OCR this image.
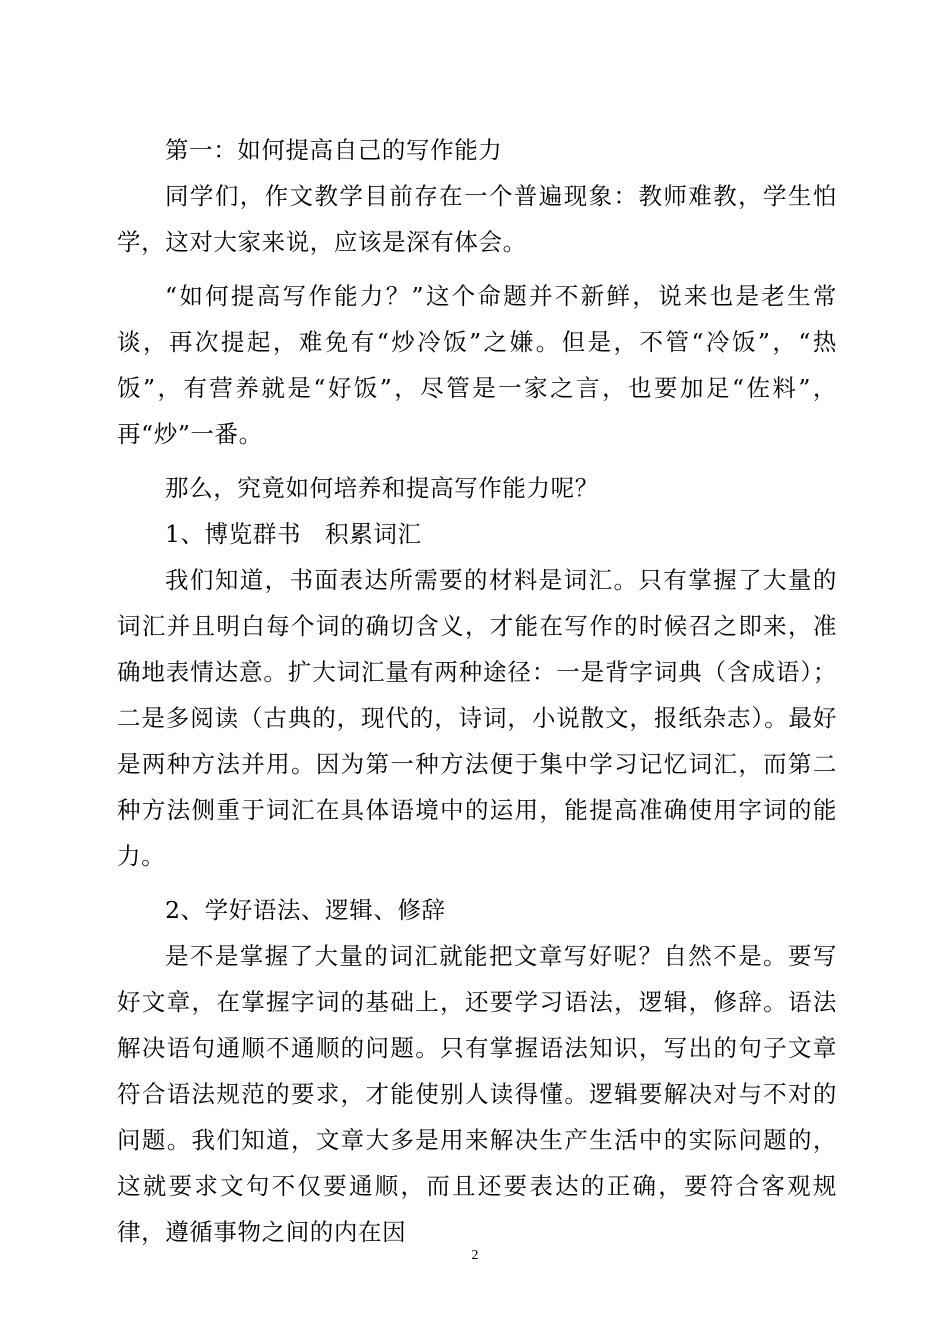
第一：如何提高自己的写作能力

同学们，作文教学目前存在一个普遍现象：教师难教，学生怕学，这对大家来说，应该是深有体会。

“如何提高写作能力？”这个命题并不新鲜，说来也是老生常谈，再次提起，难免有“炒冷饭”之嫌。但是，不管“冷饭”，“热饭”，有营养就是“好饭”，尽管是一家之言，也要加足“佐料”，再“炒”一番。

那么，究竟如何培养和提高写作能力呢？

1、博览群书　积累词汇

我们知道，书面表达所需要的材料是词汇。只有掌握了大量的词汇并且明白每个词的确切含义，才能在写作的时候召之即来，准确地表情达意。扩大词汇量有两种途径：一是背字词典（含成语）；二是多阅读（古典的，现代的，诗词，小说散文，报纸杂志）。最好是两种方法并用。因为第一种方法便于集中学习记忆词汇，而第二种方法侧重于词汇在具体语境中的运用，能提高准确使用字词的能力。

2、学好语法、逻辑、修辞

是不是掌握了大量的词汇就能把文章写好呢？自然不是。要写好文章，在掌握字词的基础上，还要学习语法，逻辑，修辞。语法解决语句通顺不通顺的问题。只有掌握语法知识，写出的句子文章符合语法规范的要求，才能使别人读得懂。逻辑要解决对与不对的问题。我们知道，文章大多是用来解决生产生活中的实际问题的，这就要求文句不仅要通顺，而且还要表达的正确，要符合客观规律，遵循事物之间的内在因

2
